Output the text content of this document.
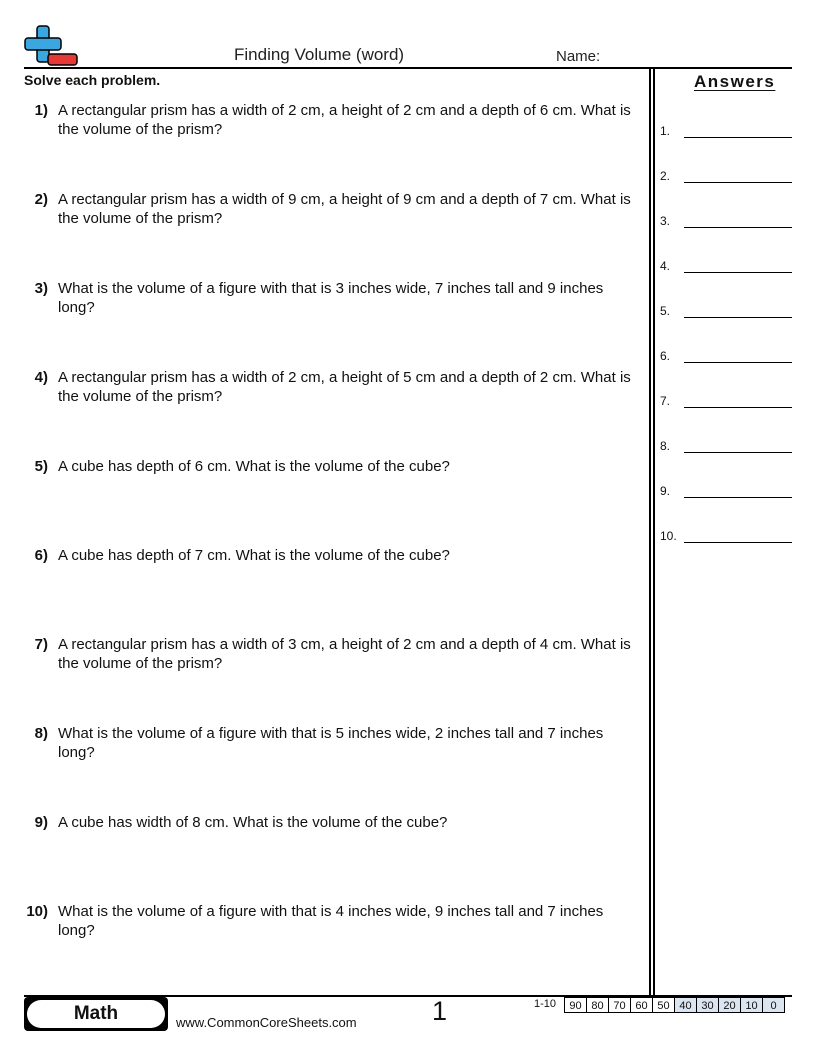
Finding Volume (word)	Name:
Solve each problem.	Answers
1) A rectangular prism has a width of 2 cm, a height of 2 cm and a depth of 6 cm. What is the volume of the prism?
2) A rectangular prism has a width of 9 cm, a height of 9 cm and a depth of 7 cm. What is the volume of the prism?
3) What is the volume of a figure with that is 3 inches wide, 7 inches tall and 9 inches long?
4) A rectangular prism has a width of 2 cm, a height of 5 cm and a depth of 2 cm. What is the volume of the prism?
5) A cube has depth of 6 cm. What is the volume of the cube?
6) A cube has depth of 7 cm. What is the volume of the cube?
7) A rectangular prism has a width of 3 cm, a height of 2 cm and a depth of 4 cm. What is the volume of the prism?
8) What is the volume of a figure with that is 5 inches wide, 2 inches tall and 7 inches long?
9) A cube has width of 8 cm. What is the volume of the cube?
10) What is the volume of a figure with that is 4 inches wide, 9 inches tall and 7 inches long?
1.
2.
3.
4.
5.
6.
7.
8.
9.
10.
Math	www.CommonCoreSheets.com	1	1-10	90 80 70 60 50 40 30 20 10	0
